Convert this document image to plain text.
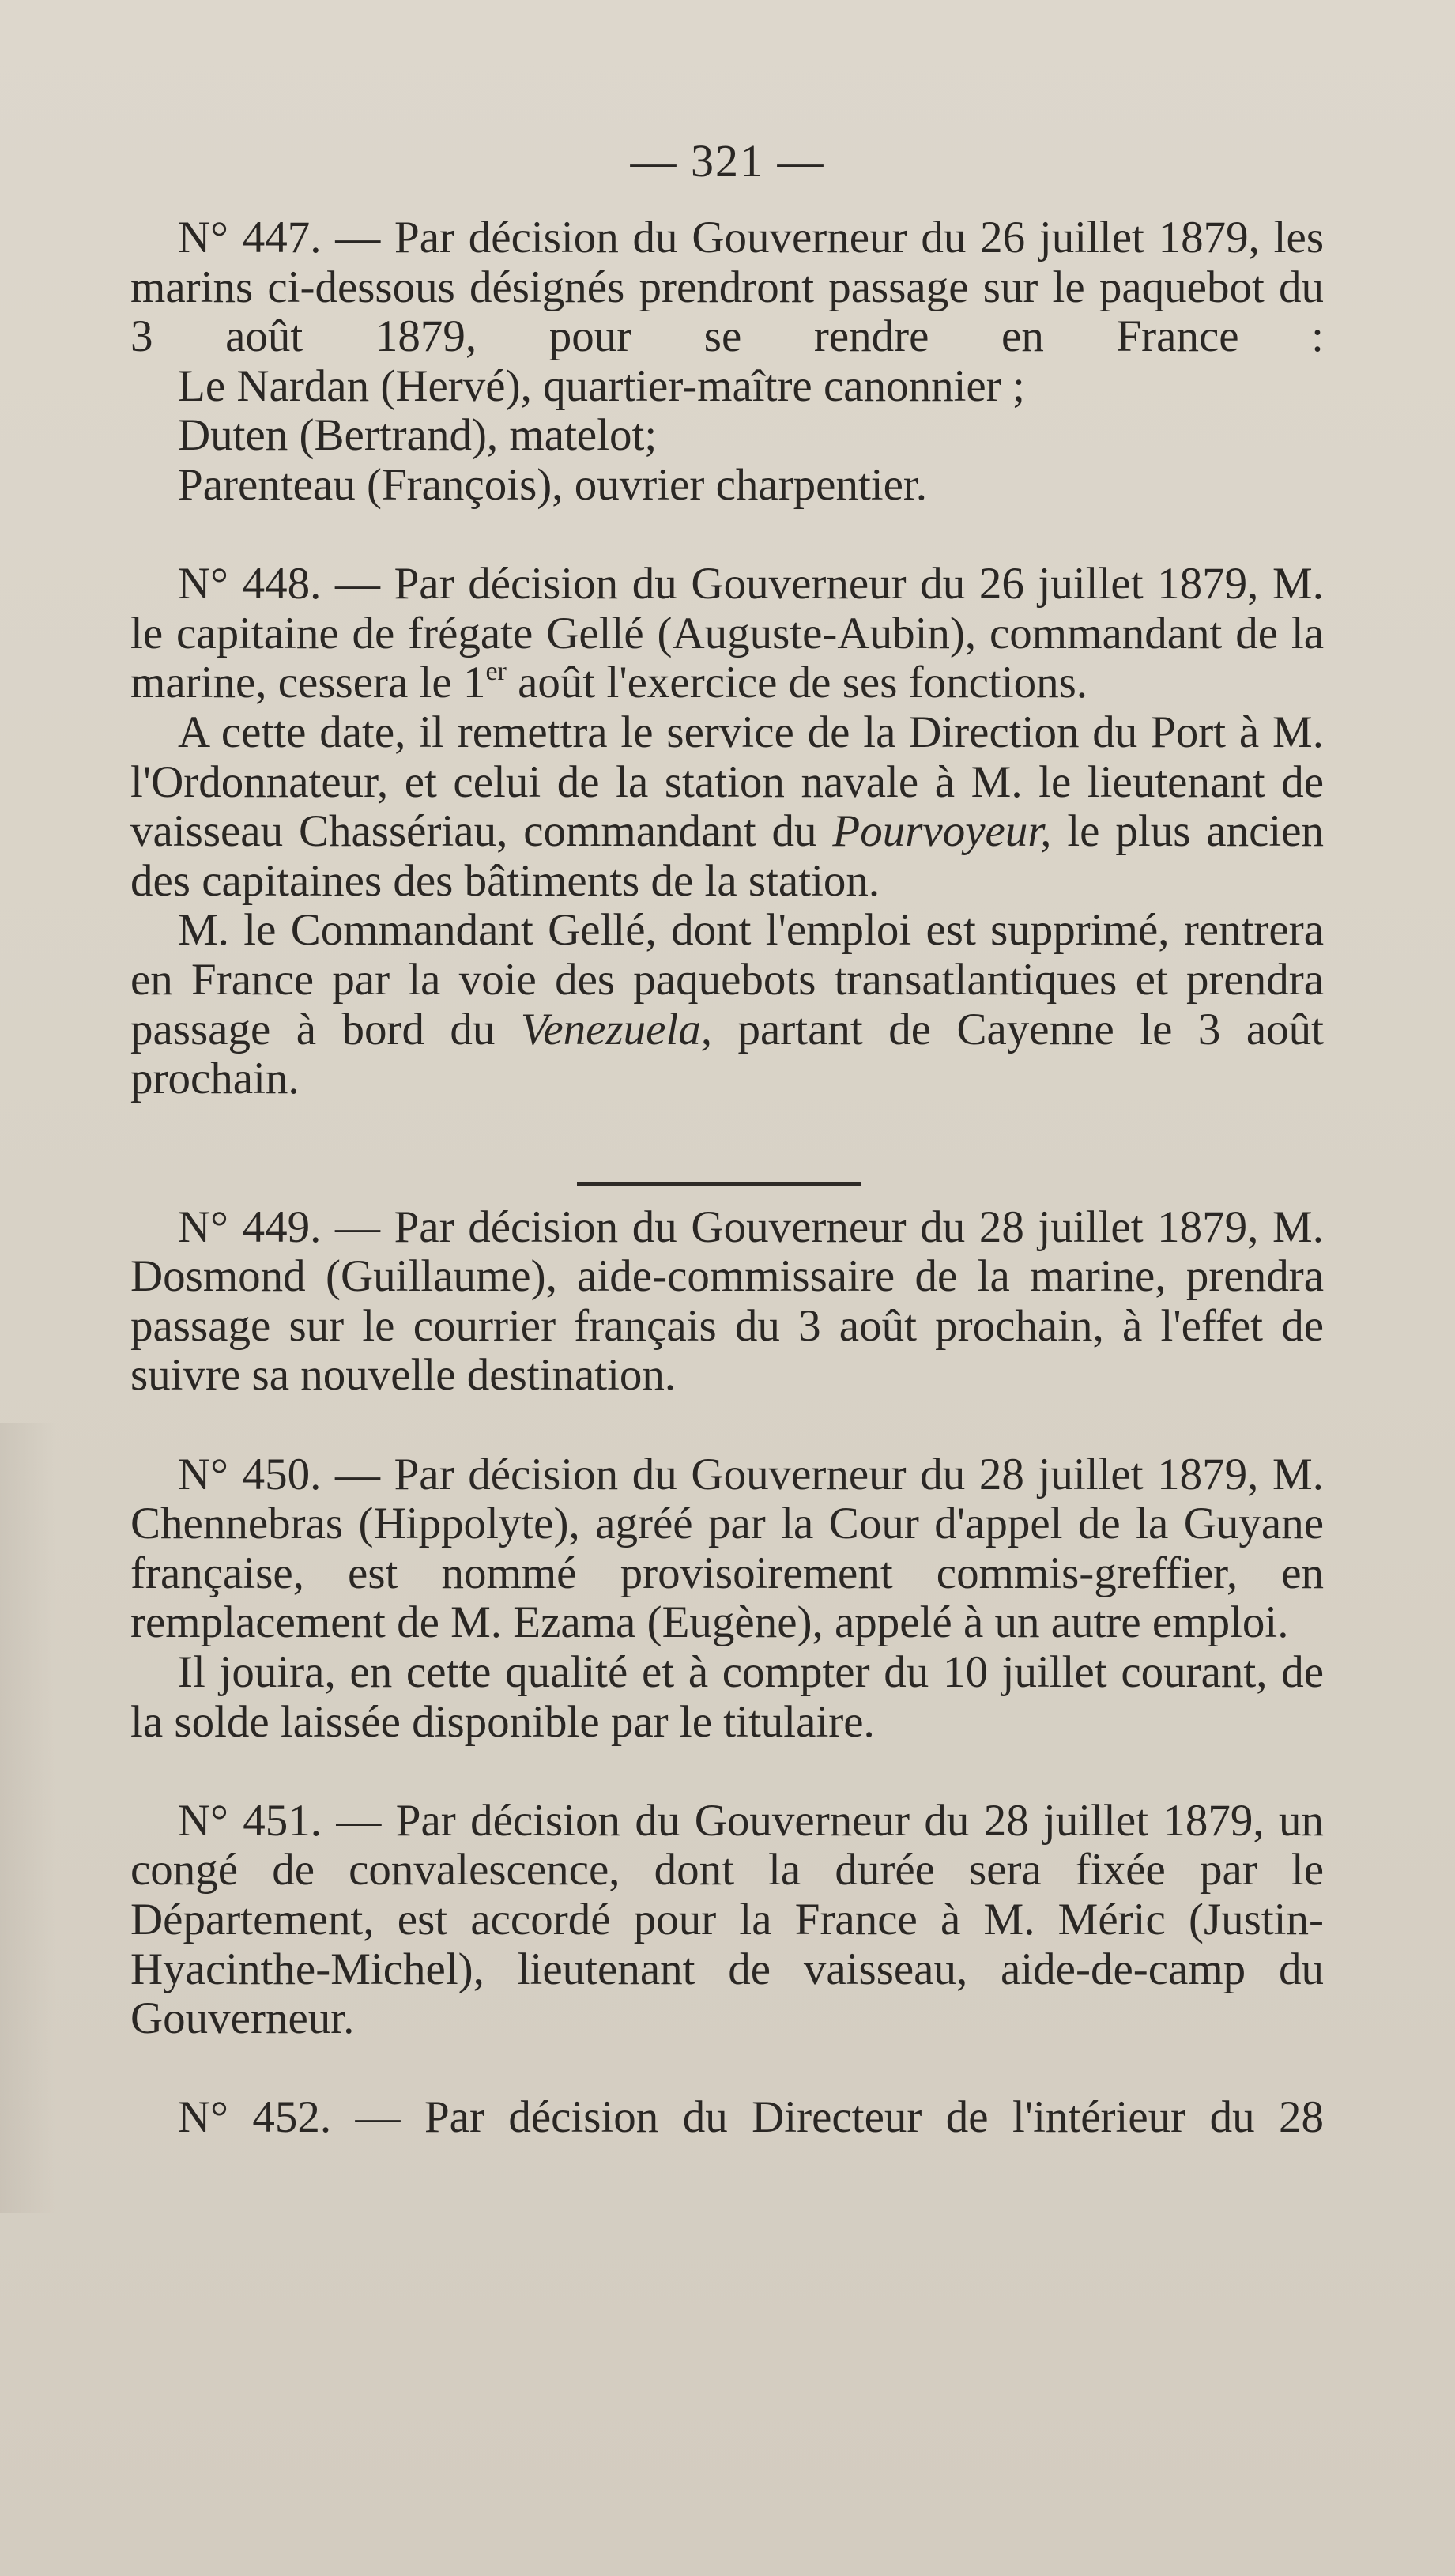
— 321 —

N° 447. — Par décision du Gouverneur du 26 juillet 1879, les marins ci-dessous désignés prendront passage sur le paquebot du 3 août 1879, pour se rendre en France :

Le Nardan (Hervé), quartier-maître canonnier ;

Duten (Bertrand), matelot;

Parenteau (François), ouvrier charpentier.

N° 448. — Par décision du Gouverneur du 26 juillet 1879, M. le capitaine de frégate Gellé (Auguste-Aubin), commandant de la marine, cessera le 1er août l'exercice de ses fonctions.

A cette date, il remettra le service de la Direction du Port à M. l'Ordonnateur, et celui de la station navale à M. le lieutenant de vaisseau Chassériau, commandant du Pourvoyeur, le plus ancien des capitaines des bâtiments de la station.

M. le Commandant Gellé, dont l'emploi est supprimé, rentrera en France par la voie des paquebots transatlantiques et prendra passage à bord du Venezuela, partant de Cayenne le 3 août prochain.

N° 449. — Par décision du Gouverneur du 28 juillet 1879, M. Dosmond (Guillaume), aide-commissaire de la marine, prendra passage sur le courrier français du 3 août prochain, à l'effet de suivre sa nouvelle destination.

N° 450. — Par décision du Gouverneur du 28 juillet 1879, M. Chennebras (Hippolyte), agréé par la Cour d'appel de la Guyane française, est nommé provisoirement commis-greffier, en remplacement de M. Ezama (Eugène), appelé à un autre emploi.

Il jouira, en cette qualité et à compter du 10 juillet courant, de la solde laissée disponible par le titulaire.

N° 451. — Par décision du Gouverneur du 28 juillet 1879, un congé de convalescence, dont la durée sera fixée par le Département, est accordé pour la France à M. Méric (Justin-Hyacinthe-Michel), lieutenant de vaisseau, aide-de-camp du Gouverneur.

N° 452. — Par décision du Directeur de l'intérieur du 28
